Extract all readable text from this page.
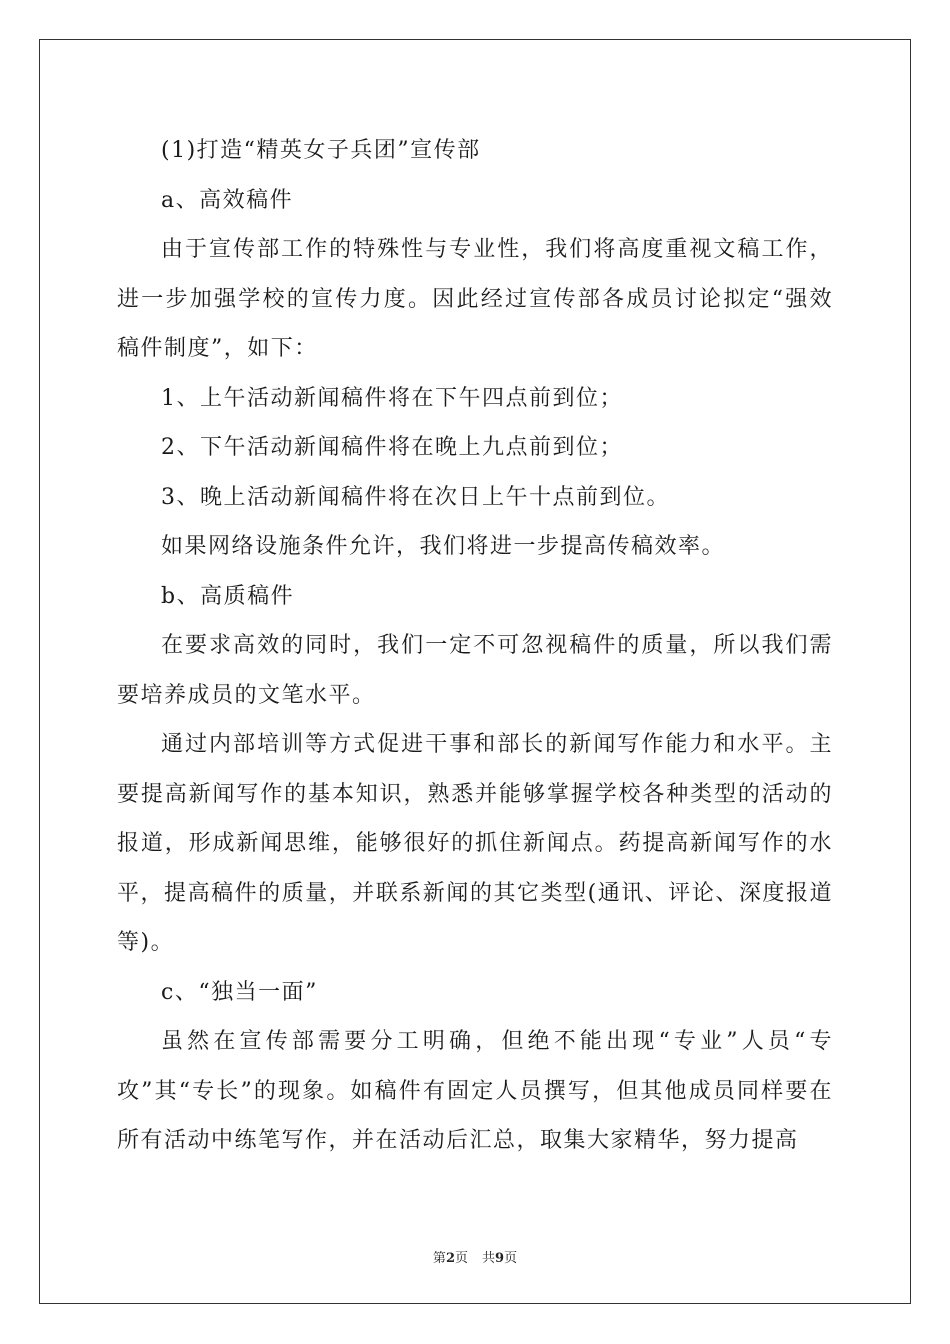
(1)打造“精英女子兵团”宣传部

a、高效稿件

由于宣传部工作的特殊性与专业性，我们将高度重视文稿工作，进一步加强学校的宣传力度。因此经过宣传部各成员讨论拟定“强效稿件制度”，如下：

1、上午活动新闻稿件将在下午四点前到位；

2、下午活动新闻稿件将在晚上九点前到位；

3、晚上活动新闻稿件将在次日上午十点前到位。

如果网络设施条件允许，我们将进一步提高传稿效率。

b、高质稿件

在要求高效的同时，我们一定不可忽视稿件的质量，所以我们需要培养成员的文笔水平。

通过内部培训等方式促进干事和部长的新闻写作能力和水平。主要提高新闻写作的基本知识，熟悉并能够掌握学校各种类型的活动的报道，形成新闻思维，能够很好的抓住新闻点。药提高新闻写作的水平，提高稿件的质量，并联系新闻的其它类型(通讯、评论、深度报道等)。

c、“独当一面”

虽然在宣传部需要分工明确，但绝不能出现“专业”人员“专攻”其“专长”的现象。如稿件有固定人员撰写，但其他成员同样要在所有活动中练笔写作，并在活动后汇总，取集大家精华，努力提高

第2页 共9页
